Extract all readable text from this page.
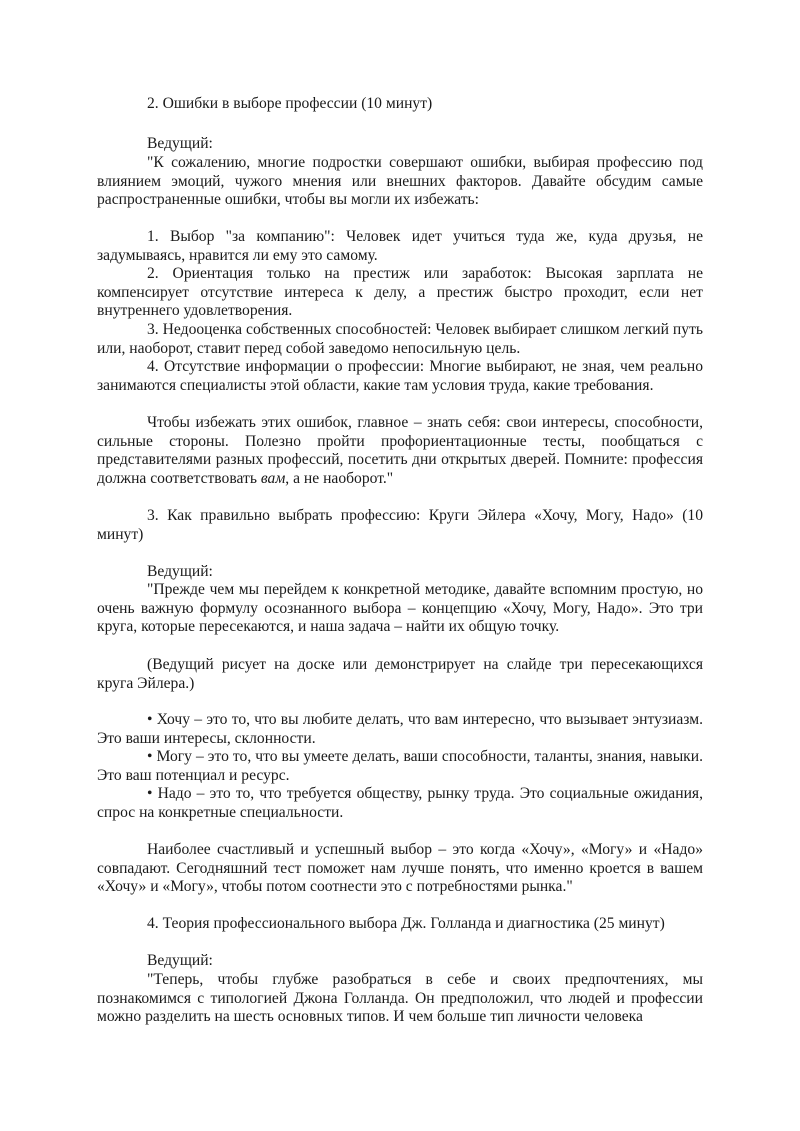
2. Ошибки в выборе профессии (10 минут)

Ведущий:

"К сожалению, многие подростки совершают ошибки, выбирая профессию под влиянием эмоций, чужого мнения или внешних факторов. Давайте обсудим самые распространенные ошибки, чтобы вы могли их избежать:

1. Выбор "за компанию": Человек идет учиться туда же, куда друзья, не задумываясь, нравится ли ему это самому.

2. Ориентация только на престиж или заработок: Высокая зарплата не компенсирует отсутствие интереса к делу, а престиж быстро проходит, если нет внутреннего удовлетворения.

3. Недооценка собственных способностей: Человек выбирает слишком легкий путь или, наоборот, ставит перед собой заведомо непосильную цель.

4. Отсутствие информации о профессии: Многие выбирают, не зная, чем реально занимаются специалисты этой области, какие там условия труда, какие требования.

Чтобы избежать этих ошибок, главное – знать себя: свои интересы, способности, сильные стороны. Полезно пройти профориентационные тесты, пообщаться с представителями разных профессий, посетить дни открытых дверей. Помните: профессия должна соответствовать вам, а не наоборот."

3. Как правильно выбрать профессию: Круги Эйлера «Хочу, Могу, Надо» (10 минут)

Ведущий:

"Прежде чем мы перейдем к конкретной методике, давайте вспомним простую, но очень важную формулу осознанного выбора – концепцию «Хочу, Могу, Надо». Это три круга, которые пересекаются, и наша задача – найти их общую точку.

(Ведущий рисует на доске или демонстрирует на слайде три пересекающихся круга Эйлера.)

• Хочу – это то, что вы любите делать, что вам интересно, что вызывает энтузиазм. Это ваши интересы, склонности.

• Могу – это то, что вы умеете делать, ваши способности, таланты, знания, навыки. Это ваш потенциал и ресурс.

• Надо – это то, что требуется обществу, рынку труда. Это социальные ожидания, спрос на конкретные специальности.

Наиболее счастливый и успешный выбор – это когда «Хочу», «Могу» и «Надо» совпадают. Сегодняшний тест поможет нам лучше понять, что именно кроется в вашем «Хочу» и «Могу», чтобы потом соотнести это с потребностями рынка."

4. Теория профессионального выбора Дж. Голланда и диагностика (25 минут)

Ведущий:

"Теперь, чтобы глубже разобраться в себе и своих предпочтениях, мы познакомимся с типологией Джона Голланда. Он предположил, что людей и профессии можно разделить на шесть основных типов. И чем больше тип личности человека
